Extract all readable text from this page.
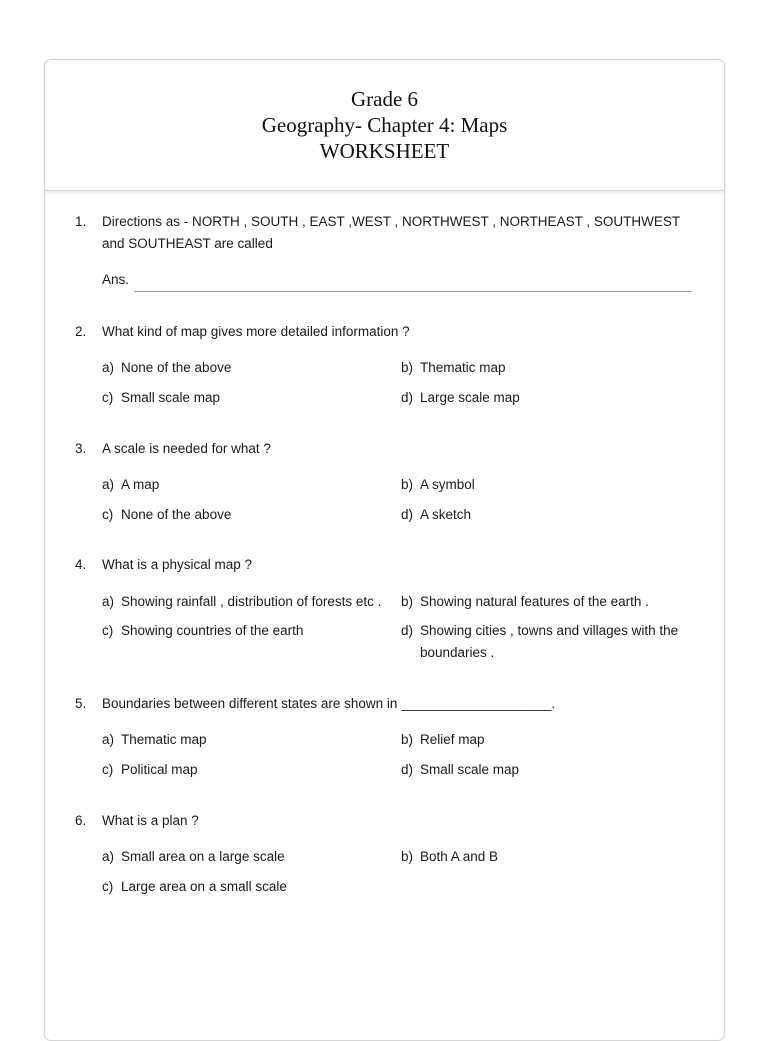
Grade 6
Geography- Chapter 4: Maps
WORKSHEET
1. Directions as - NORTH , SOUTH , EAST ,WEST , NORTHWEST , NORTHEAST , SOUTHWEST and SOUTHEAST are called
Ans.
2. What kind of map gives more detailed information ?
a) None of the above	b) Thematic map
c) Small scale map	d) Large scale map
3. A scale is needed for what ?
a) A map	b) A symbol
c) None of the above	d) A sketch
4. What is a physical map ?
a) Showing rainfall , distribution of forests etc .	b) Showing natural features of the earth .
c) Showing countries of the earth	d) Showing cities , towns and villages with the boundaries .
5. Boundaries between different states are shown in ____________________.
a) Thematic map	b) Relief map
c) Political map	d) Small scale map
6. What is a plan ?
a) Small area on a large scale	b) Both A and B
c) Large area on a small scale
